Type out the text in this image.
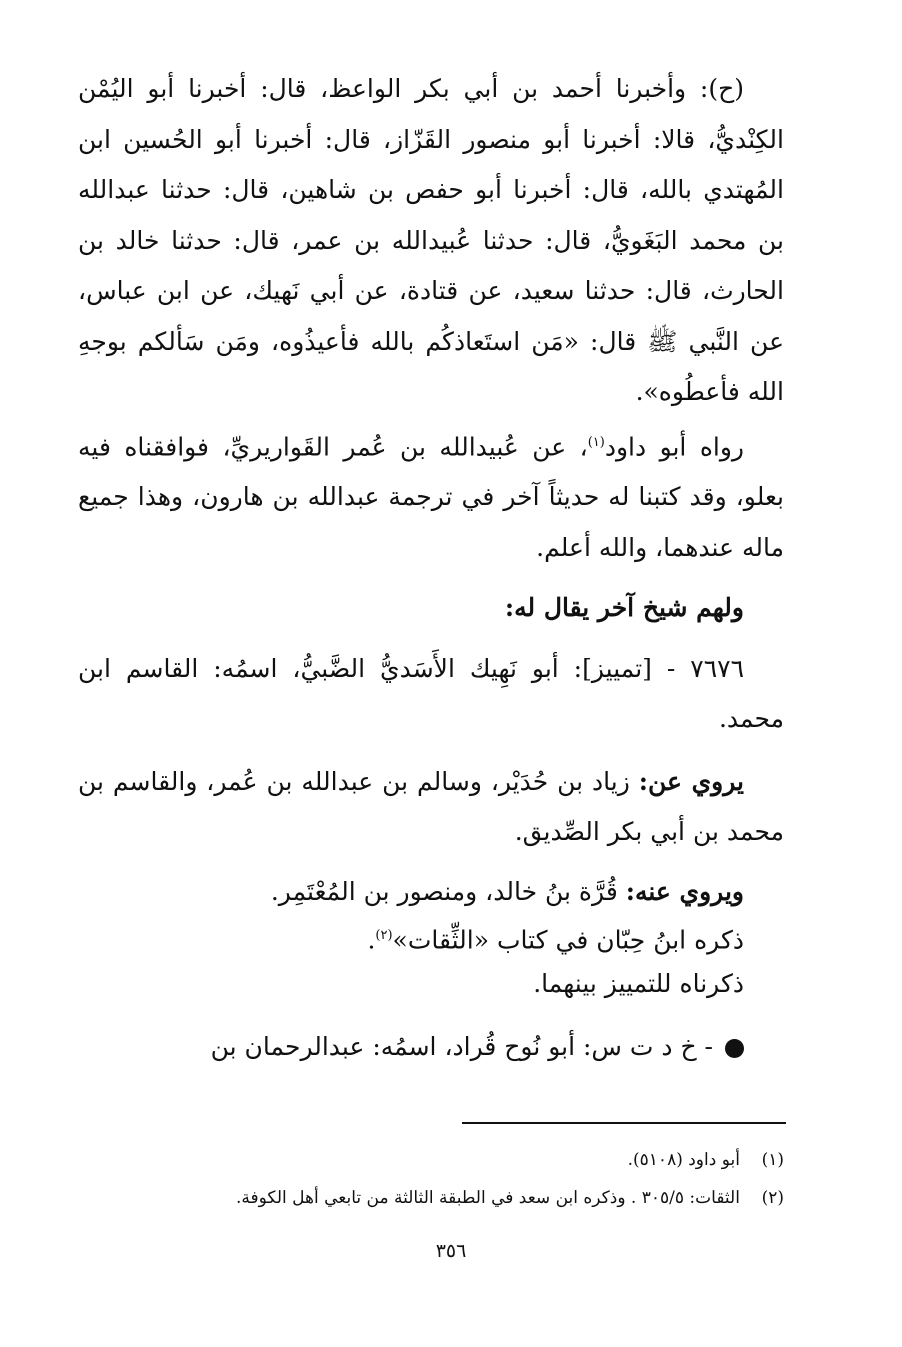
(ح): وأخبرنا أحمد بن أبي بكر الواعظ، قال: أخبرنا أبو اليُمْن الكِنْديُّ، قالا: أخبرنا أبو منصور القَزّاز، قال: أخبرنا أبو الحُسين ابن المُهتدي بالله، قال: أخبرنا أبو حفص بن شاهين، قال: حدثنا عبدالله بن محمد البَغَويُّ، قال: حدثنا عُبيدالله بن عمر، قال: حدثنا خالد بن الحارث، قال: حدثنا سعيد، عن قتادة، عن أبي نَهيك، عن ابن عباس، عن النَّبي ﷺ قال: «مَن استَعاذكُم بالله فأعيذُوه، ومَن سَألكم بوجهِ الله فأعطُوه».

رواه أبو داود$^{(١)}$، عن عُبيدالله بن عُمر القَواريريِّ، فوافقناه فيه بعلو، وقد كتبنا له حديثاً آخر في ترجمة عبدالله بن هارون، وهذا جميع ماله عندهما، والله أعلم.

ولهم شيخ آخر يقال له:

٧٦٧٦ - [تمييز]: أبو نَهِيك الأَسَديُّ الضَّبيُّ، اسمُه: القاسم ابن محمد.

يروي عن: زياد بن حُدَيْر، وسالم بن عبدالله بن عُمر، والقاسم بن محمد بن أبي بكر الصِّديق.

ويروي عنه: قُرَّة بنُ خالد، ومنصور بن المُعْتَمِر.

ذكره ابنُ حِبّان في كتاب «الثِّقات»$^{(٢)}$.

ذكرناه للتمييز بينهما.

- خ د ت س: أبو نُوح قُراد، اسمُه: عبدالرحمان بن

(١)    أبو داود (٥١٠٨).
(٢)    الثقات: ٣٠٥/٥ . وذكره ابن سعد في الطبقة الثالثة من تابعي أهل الكوفة.
٣٥٦
